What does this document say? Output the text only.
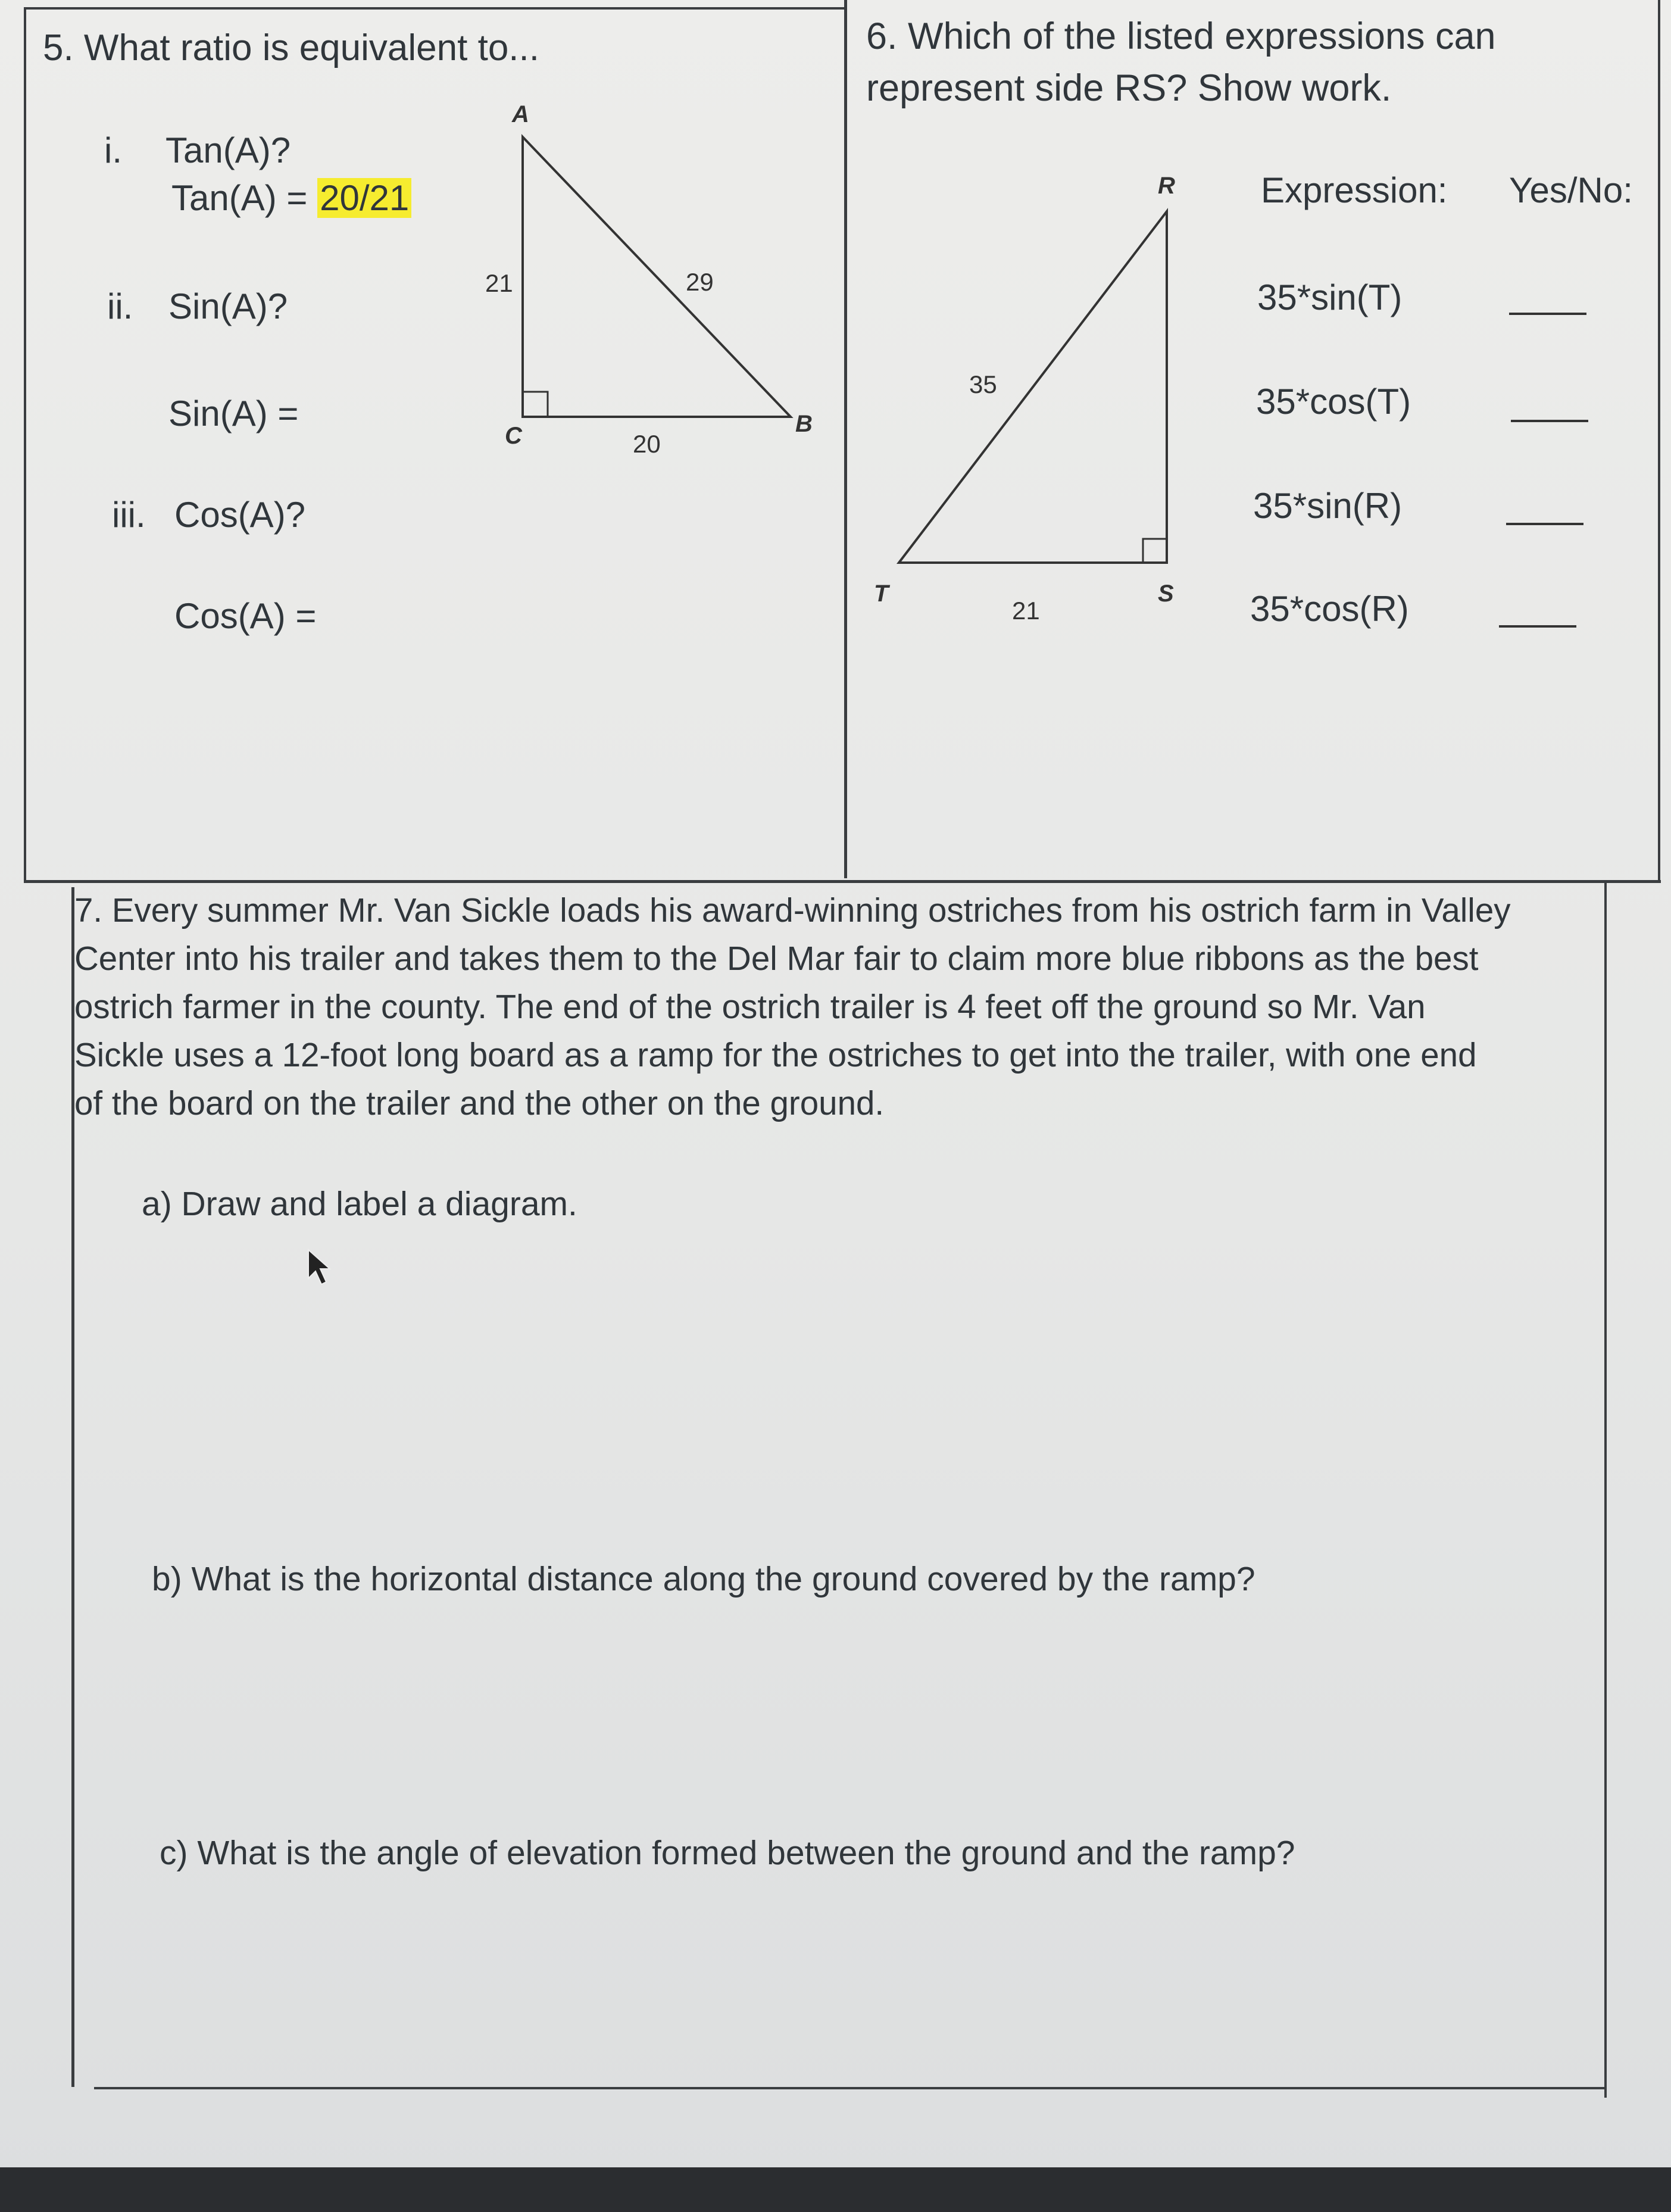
5. What ratio is equivalent to...
i. Tan(A)?
Tan(A) = 20/21
ii. Sin(A)?
Sin(A) =
iii. Cos(A)?
Cos(A) =
A
C	B
21	29
20
R
T	S
35
21
6. Which of the listed expressions can
represent side RS? Show work.
Expression: Yes/No:
35*sin(T)
35*cos(T)
35*sin(R)
35*cos(R)
7. Every summer Mr. Van Sickle loads his award-winning ostriches from his ostrich farm in Valley
Center into his trailer and takes them to the Del Mar fair to claim more blue ribbons as the best
ostrich farmer in the county. The end of the ostrich trailer is 4 feet off the ground so Mr. Van
Sickle uses a 12-foot long board as a ramp for the ostriches to get into the trailer, with one end
of the board on the trailer and the other on the ground.
a) Draw and label a diagram.
b) What is the horizontal distance along the ground covered by the ramp?
c) What is the angle of elevation formed between the ground and the ramp?
